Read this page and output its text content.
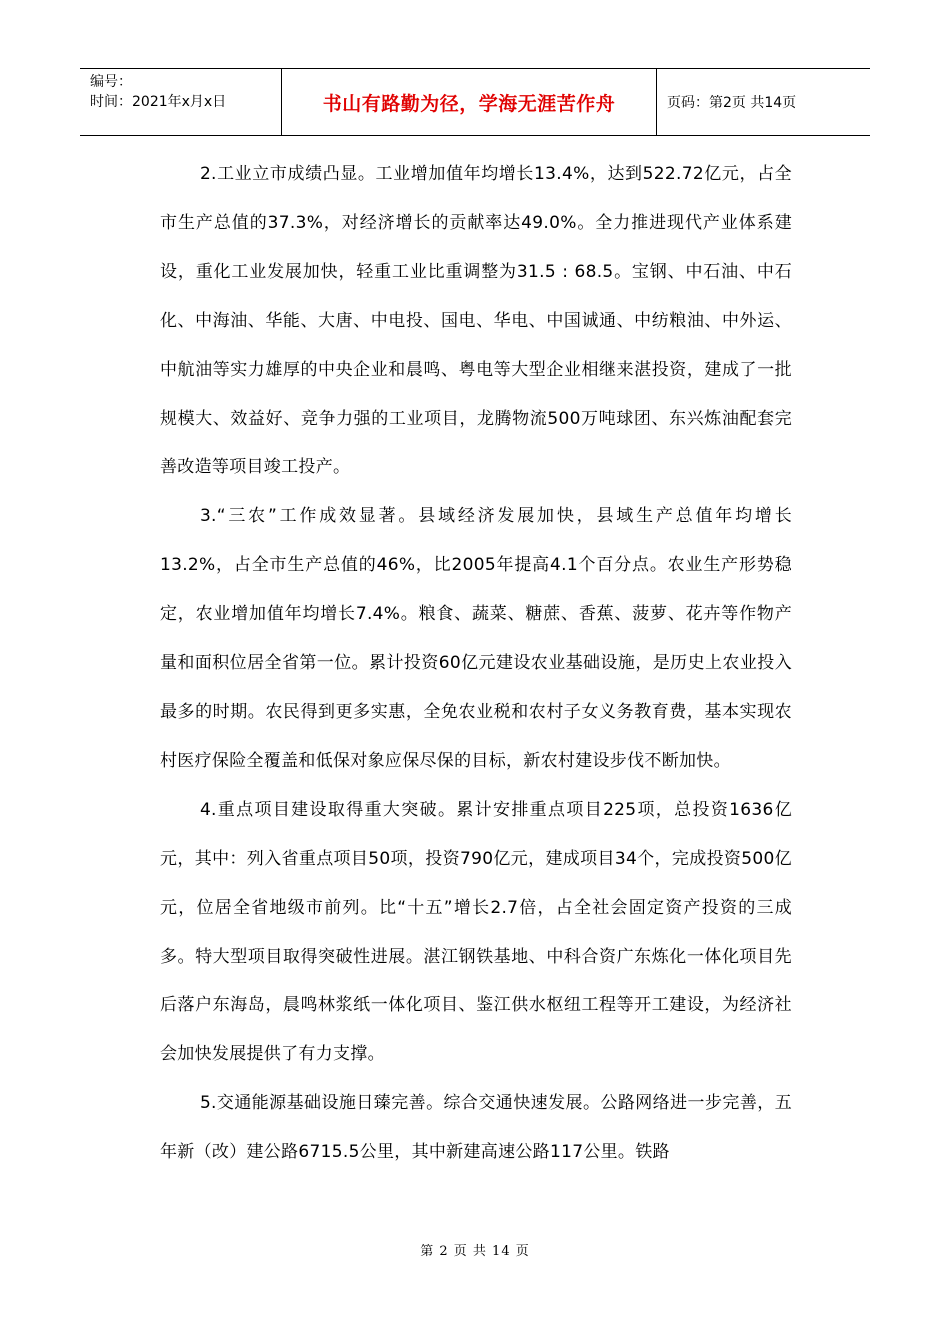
编号：
时间：2021年x月x日	书山有路勤为径，学海无涯苦作舟	页码：第2页 共14页

2.工业立市成绩凸显。工业增加值年均增长13.4%，达到522.72亿元，占全市生产总值的37.3%，对经济增长的贡献率达49.0%。全力推进现代产业体系建设，重化工业发展加快，轻重工业比重调整为31.5 : 68.5。宝钢、中石油、中石化、中海油、华能、大唐、中电投、国电、华电、中国诚通、中纺粮油、中外运、中航油等实力雄厚的中央企业和晨鸣、粤电等大型企业相继来湛投资，建成了一批规模大、效益好、竞争力强的工业项目，龙腾物流500万吨球团、东兴炼油配套完善改造等项目竣工投产。

3.“三农”工作成效显著。县域经济发展加快，县域生产总值年均增长13.2%，占全市生产总值的46%，比2005年提高4.1个百分点。农业生产形势稳定，农业增加值年均增长7.4%。粮食、蔬菜、糖蔗、香蕉、菠萝、花卉等作物产量和面积位居全省第一位。累计投资60亿元建设农业基础设施，是历史上农业投入最多的时期。农民得到更多实惠，全免农业税和农村子女义务教育费，基本实现农村医疗保险全覆盖和低保对象应保尽保的目标，新农村建设步伐不断加快。

4.重点项目建设取得重大突破。累计安排重点项目225项，总投资1636亿元，其中：列入省重点项目50项，投资790亿元，建成项目34个，完成投资500亿元，位居全省地级市前列。比“十五”增长2.7倍，占全社会固定资产投资的三成多。特大型项目取得突破性进展。湛江钢铁基地、中科合资广东炼化一体化项目先后落户东海岛，晨鸣林浆纸一体化项目、鉴江供水枢纽工程等开工建设，为经济社会加快发展提供了有力支撑。

5.交通能源基础设施日臻完善。综合交通快速发展。公路网络进一步完善，五年新（改）建公路6715.5公里，其中新建高速公路117公里。铁路

第 2 页 共 14 页
